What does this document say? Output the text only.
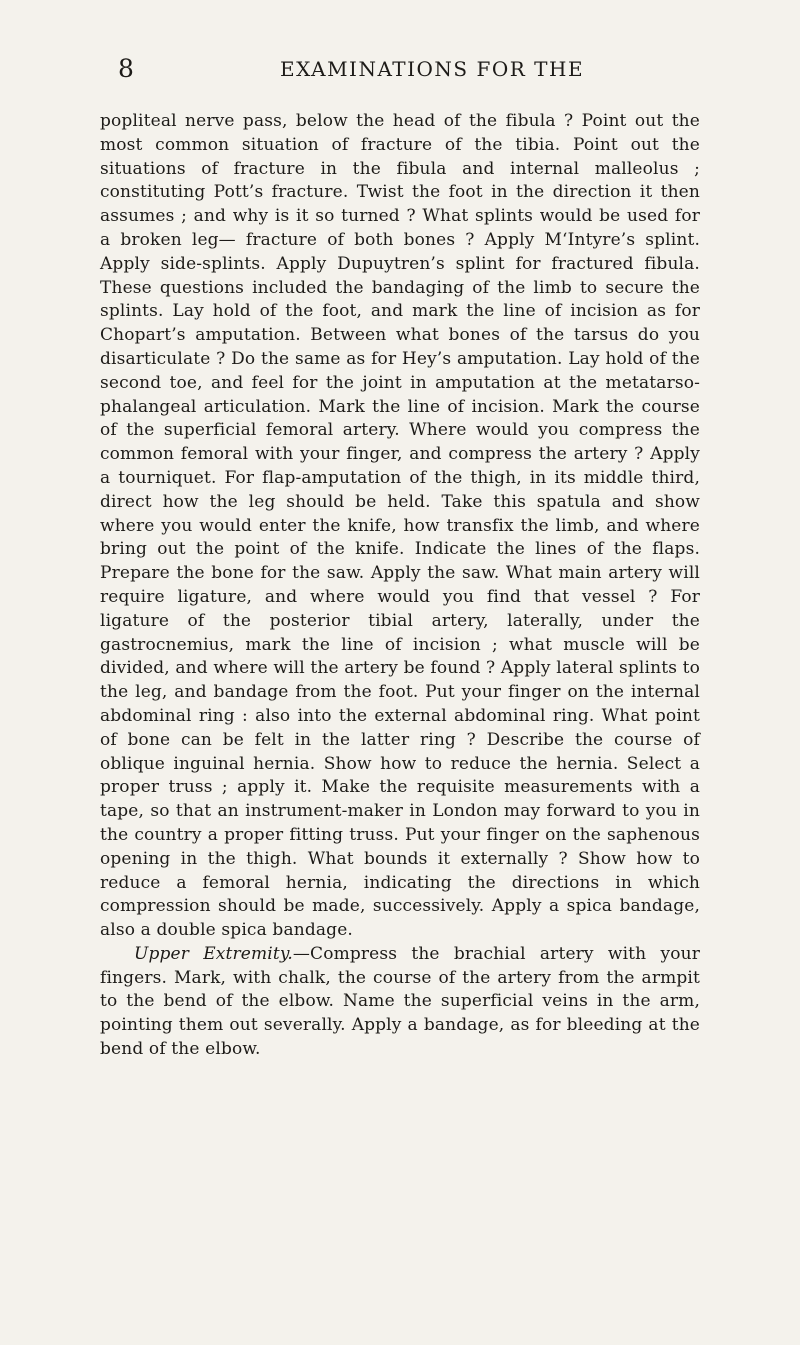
8	EXAMINATIONS FOR THE

popliteal nerve pass, below the head of the fibula ? Point out the most common situation of fracture of the tibia. Point out the situations of fracture in the fibula and internal malleolus ; constituting Pott’s fracture. Twist the foot in the direction it then assumes ; and why is it so turned ? What splints would be used for a broken leg— fracture of both bones ? Apply M‘Intyre’s splint. Apply side-splints. Apply Dupuytren’s splint for fractured fibula. These questions included the bandaging of the limb to secure the splints. Lay hold of the foot, and mark the line of incision as for Chopart’s amputation. Between what bones of the tarsus do you disarticulate ? Do the same as for Hey’s amputation. Lay hold of the second toe, and feel for the joint in amputation at the metatarso-phalangeal articulation. Mark the line of incision. Mark the course of the superficial femoral artery. Where would you compress the common femoral with your finger, and compress the artery ? Apply a tourniquet. For flap-amputation of the thigh, in its middle third, direct how the leg should be held. Take this spatula and show where you would enter the knife, how transfix the limb, and where bring out the point of the knife. Indicate the lines of the flaps. Prepare the bone for the saw. Apply the saw. What main artery will require ligature, and where would you find that vessel ? For ligature of the posterior tibial artery, laterally, under the gastrocnemius, mark the line of incision ; what muscle will be divided, and where will the artery be found ? Apply lateral splints to the leg, and bandage from the foot. Put your finger on the internal abdominal ring : also into the external abdominal ring. What point of bone can be felt in the latter ring ? Describe the course of oblique inguinal hernia. Show how to reduce the hernia. Select a proper truss ; apply it. Make the requisite measurements with a tape, so that an instrument-maker in London may forward to you in the country a proper fitting truss. Put your finger on the saphenous opening in the thigh. What bounds it externally ? Show how to reduce a femoral hernia, indicating the directions in which compression should be made, successively. Apply a spica bandage, also a double spica bandage.

Upper Extremity.—Compress the brachial artery with your fingers. Mark, with chalk, the course of the artery from the armpit to the bend of the elbow. Name the superficial veins in the arm, pointing them out severally. Apply a bandage, as for bleeding at the bend of the elbow.
